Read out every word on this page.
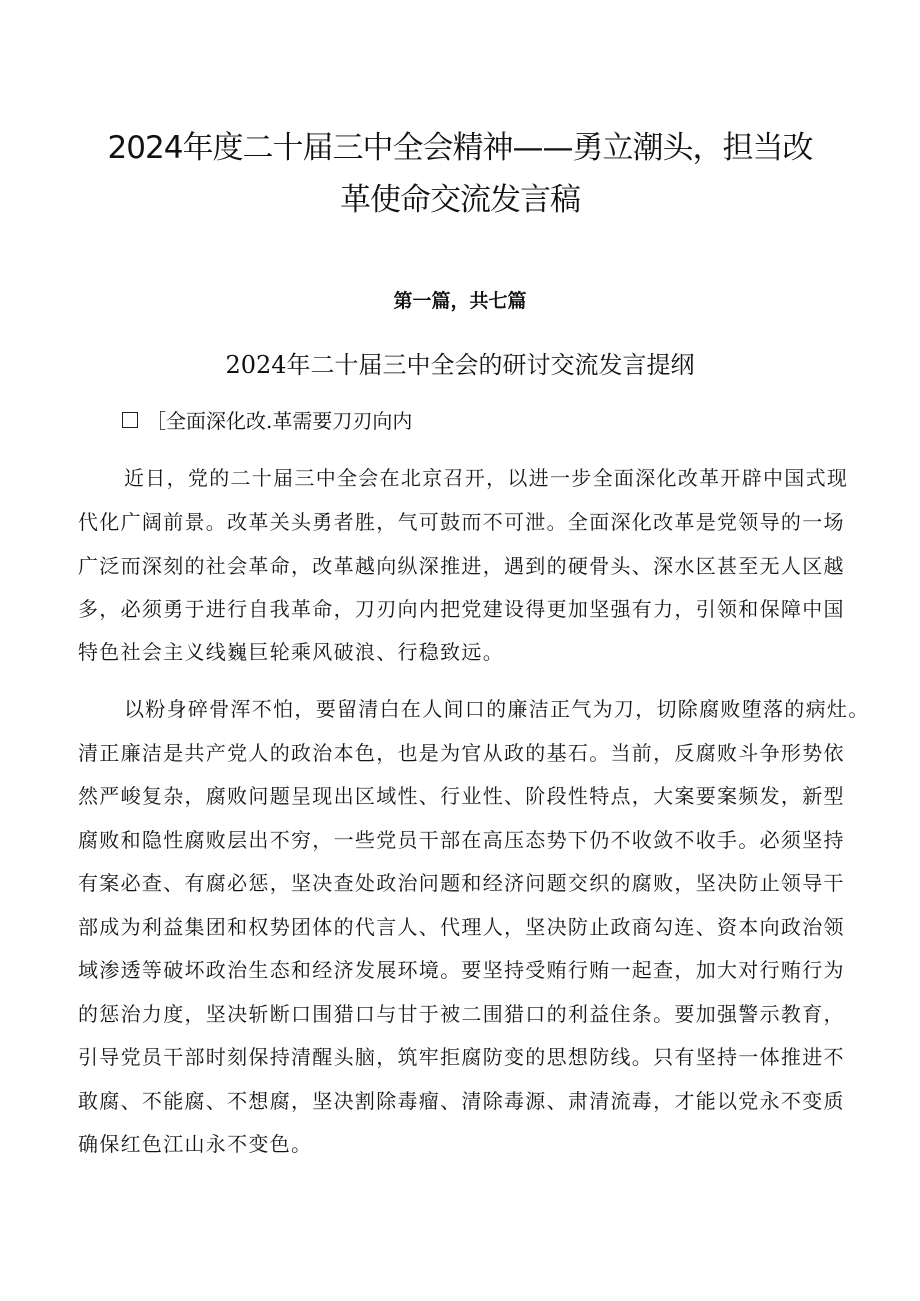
2024年度二十届三中全会精神——勇立潮头，担当改
革使命交流发言稿
第一篇，共七篇
2024年二十届三中全会的研讨交流发言提纲
［全面深化改.革需要刀刃向内
近日，党的二十届三中全会在北京召开，以进一步全面深化改革开辟中国式现
代化广阔前景。改革关头勇者胜，气可鼓而不可泄。全面深化改革是党领导的一场
广泛而深刻的社会革命，改革越向纵深推进，遇到的硬骨头、深水区甚至无人区越
多，必须勇于进行自我革命，刀刃向内把党建设得更加坚强有力，引领和保障中国
特色社会主义线巍巨轮乘风破浪、行稳致远。
以粉身碎骨浑不怕，要留清白在人间口的廉洁正气为刀，切除腐败堕落的病灶。
清正廉洁是共产党人的政治本色，也是为官从政的基石。当前，反腐败斗争形势依
然严峻复杂，腐败问题呈现出区域性、行业性、阶段性特点，大案要案频发，新型
腐败和隐性腐败层出不穷，一些党员干部在高压态势下仍不收敛不收手。必须坚持
有案必查、有腐必惩，坚决查处政治问题和经济问题交织的腐败，坚决防止领导干
部成为利益集团和权势团体的代言人、代理人，坚决防止政商勾连、资本向政治领
域渗透等破坏政治生态和经济发展环境。要坚持受贿行贿一起查，加大对行贿行为
的惩治力度，坚决斩断口围猎口与甘于被二围猎口的利益住条。要加强警示教育，
引导党员干部时刻保持清醒头脑，筑牢拒腐防变的思想防线。只有坚持一体推进不
敢腐、不能腐、不想腐，坚决割除毒瘤、清除毒源、肃清流毒，才能以党永不变质
确保红色江山永不变色。
